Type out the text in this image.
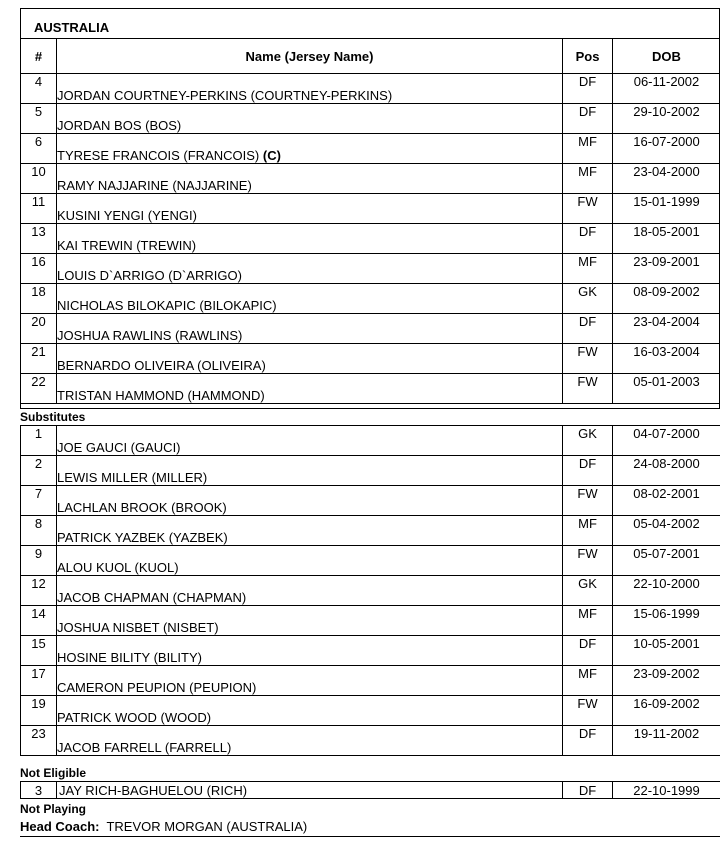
AUSTRALIA
#	Name (Jersey Name)	Pos	DOB
4	JORDAN COURTNEY-PERKINS (COURTNEY-PERKINS)	DF	06-11-2002
5	JORDAN BOS (BOS)	DF	29-10-2002
6	TYRESE FRANCOIS (FRANCOIS) (C)	MF	16-07-2000
10	RAMY NAJJARINE (NAJJARINE)	MF	23-04-2000
11	KUSINI YENGI (YENGI)	FW	15-01-1999
13	KAI TREWIN (TREWIN)	DF	18-05-2001
16	LOUIS D`ARRIGO (D`ARRIGO)	MF	23-09-2001
18	NICHOLAS BILOKAPIC (BILOKAPIC)	GK	08-09-2002
20	JOSHUA RAWLINS (RAWLINS)	DF	23-04-2004
21	BERNARDO OLIVEIRA (OLIVEIRA)	FW	16-03-2004
22	TRISTAN HAMMOND (HAMMOND)	FW	05-01-2003
Substitutes
1	JOE GAUCI (GAUCI)	GK	04-07-2000
2	LEWIS MILLER (MILLER)	DF	24-08-2000
7	LACHLAN BROOK (BROOK)	FW	08-02-2001
8	PATRICK YAZBEK (YAZBEK)	MF	05-04-2002
9	ALOU KUOL (KUOL)	FW	05-07-2001
12	JACOB CHAPMAN (CHAPMAN)	GK	22-10-2000
14	JOSHUA NISBET (NISBET)	MF	15-06-1999
15	HOSINE BILITY (BILITY)	DF	10-05-2001
17	CAMERON PEUPION (PEUPION)	MF	23-09-2002
19	PATRICK WOOD (WOOD)	FW	16-09-2002
23	JACOB FARRELL (FARRELL)	DF	19-11-2002
Not Eligible
3	JAY RICH-BAGHUELOU (RICH)	DF	22-10-1999
Not Playing
Head Coach: TREVOR MORGAN (AUSTRALIA)
